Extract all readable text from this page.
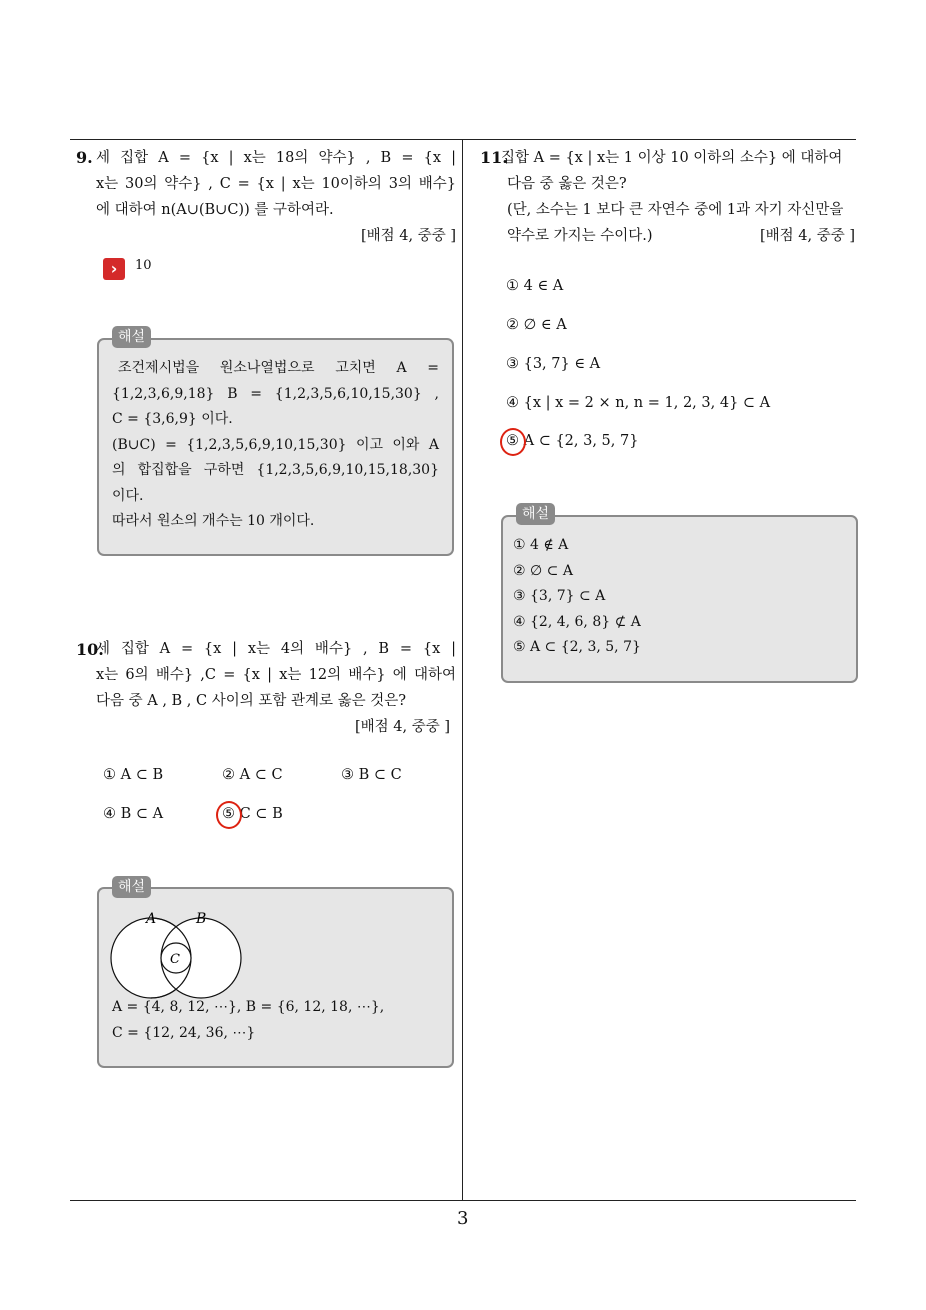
9. 세 집합 A = {x | x는 18의 약수} , B = {x |
x는 30의 약수} , C = {x | x는 10이하의 3의 배수}
에 대하여 n(A∪(B∪C)) 를 구하여라.
[배점 4, 중중 ]
›	10
해설
조건제시법을 원소나열법으로 고치면 A =
{1,2,3,6,9,18} B = {1,2,3,5,6,10,15,30} ,
C = {3,6,9} 이다.
(B∪C) = {1,2,3,5,6,9,10,15,30} 이고 이와 A
의 합집합을 구하면 {1,2,3,5,6,9,10,15,18,30}
이다.
따라서 원소의 개수는 10 개이다.
10.
세 집합 A = {x | x는 4의 배수} , B = {x |
x는 6의 배수} ,C = {x | x는 12의 배수} 에 대하여
다음 중 A , B , C 사이의 포함 관계로 옳은 것은?
[배점 4, 중중 ]
① A ⊂ B	② A ⊂ C	③ B ⊂ C
④ B ⊂ A	⑤ C ⊂ B
해설
A	B
C
A = {4, 8, 12, ⋯}, B = {6, 12, 18, ⋯},
C = {12, 24, 36, ⋯}
11.
집합 A = {x | x는 1 이상 10 이하의 소수} 에 대하여
다음 중 옳은 것은?
(단, 소수는 1 보다 큰 자연수 중에 1과 자기 자신만을
약수로 가지는 수이다.)	[배점 4, 중중 ]
① 4 ∈ A
② ∅ ∈ A
③ {3, 7} ∈ A
④ {x | x = 2 × n, n = 1, 2, 3, 4} ⊂ A
⑤ A ⊂ {2, 3, 5, 7}
해설
① 4 ∉ A
② ∅ ⊂ A
③ {3, 7} ⊂ A
④ {2, 4, 6, 8} ⊄ A
⑤ A ⊂ {2, 3, 5, 7}
3
